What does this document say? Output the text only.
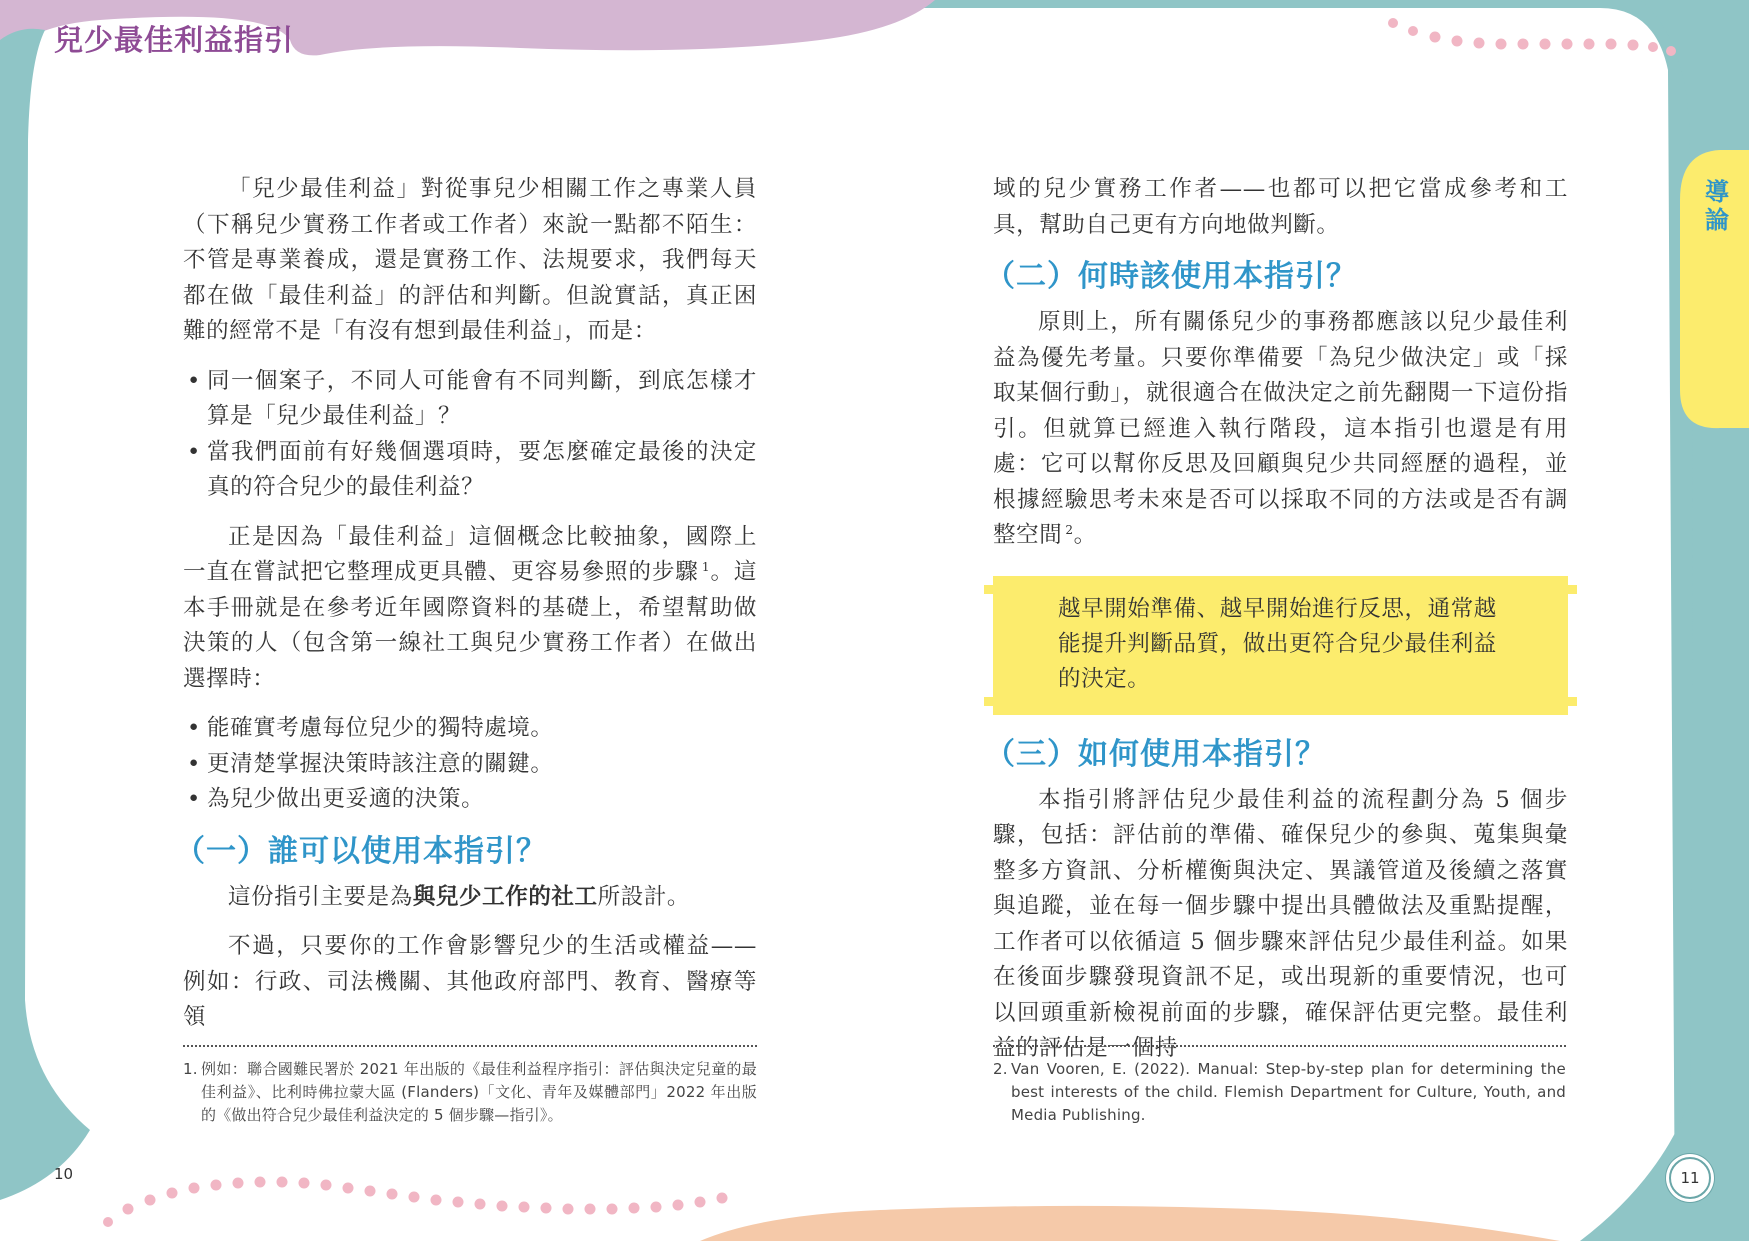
兒少最佳利益指引
導
論

「兒少最佳利益」對從事兒少相關工作之專業人員（下稱兒少實務工作者或工作者）來說一點都不陌生：不管是專業養成，還是實務工作、法規要求，我們每天都在做「最佳利益」的評估和判斷。但說實話，真正困難的經常不是「有沒有想到最佳利益」，而是：

• 同一個案子，不同人可能會有不同判斷，到底怎樣才算是「兒少最佳利益」？
• 當我們面前有好幾個選項時，要怎麼確定最後的決定真的符合兒少的最佳利益？

正是因為「最佳利益」這個概念比較抽象，國際上一直在嘗試把它整理成更具體、更容易參照的步驟 $^1$。這本手冊就是在參考近年國際資料的基礎上，希望幫助做決策的人（包含第一線社工與兒少實務工作者）在做出選擇時：

• 能確實考慮每位兒少的獨特處境。
• 更清楚掌握決策時該注意的關鍵。
• 為兒少做出更妥適的決策。
（一）誰可以使用本指引？

這份指引主要是為與兒少工作的社工所設計。

不過，只要你的工作會影響兒少的生活或權益——例如：行政、司法機關、其他政府部門、教育、醫療等領

1. 例如：聯合國難民署於 2021 年出版的《最佳利益程序指引：評估與決定兒童的最佳利益》、比利時佛拉蒙大區 (Flanders)「文化、青年及媒體部門」2022 年出版的《做出符合兒少最佳利益決定的 5 個步驟—指引》。
10

域的兒少實務工作者——也都可以把它當成參考和工具，幫助自己更有方向地做判斷。

（二）何時該使用本指引？

原則上，所有關係兒少的事務都應該以兒少最佳利益為優先考量。只要你準備要「為兒少做決定」或「採取某個行動」，就很適合在做決定之前先翻閱一下這份指引。但就算已經進入執行階段，這本指引也還是有用處：它可以幫你反思及回顧與兒少共同經歷的過程，並根據經驗思考未來是否可以採取不同的方法或是否有調整空間 $^2$。

越早開始準備、越早開始進行反思，通常越能提升判斷品質，做出更符合兒少最佳利益的決定。
（三）如何使用本指引？

本指引將評估兒少最佳利益的流程劃分為 5 個步驟，包括：評估前的準備、確保兒少的參與、蒐集與彙整多方資訊、分析權衡與決定、異議管道及後續之落實與追蹤，並在每一個步驟中提出具體做法及重點提醒，工作者可以依循這 5 個步驟來評估兒少最佳利益。如果在後面步驟發現資訊不足，或出現新的重要情況，也可以回頭重新檢視前面的步驟，確保評估更完整。最佳利益的評估是一個持

2. Van Vooren, E. (2022). Manual: Step-by-step plan for determining the best interests of the child. Flemish Department for Culture, Youth, and Media Publishing.
11
